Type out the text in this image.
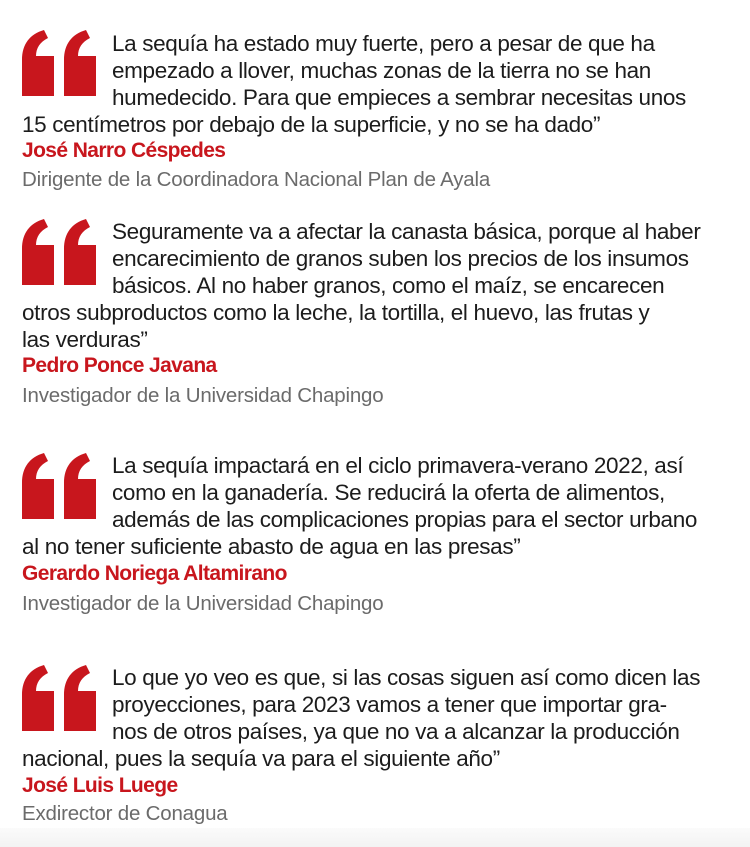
La sequía ha estado muy fuerte, pero a pesar de que ha
empezado a llover, muchas zonas de la tierra no se han
humedecido. Para que empieces a sembrar necesitas unos
15 centímetros por debajo de la superficie, y no se ha dado”
José Narro Céspedes
Dirigente de la Coordinadora Nacional Plan de Ayala
Seguramente va a afectar la canasta básica, porque al haber
encarecimiento de granos suben los precios de los insumos
básicos. Al no haber granos, como el maíz, se encarecen
otros subproductos como la leche, la tortilla, el huevo, las frutas y
las verduras”
Pedro Ponce Javana
Investigador de la Universidad Chapingo
La sequía impactará en el ciclo primavera-verano 2022, así
como en la ganadería. Se reducirá la oferta de alimentos,
además de las complicaciones propias para el sector urbano
al no tener suficiente abasto de agua en las presas”
Gerardo Noriega Altamirano
Investigador de la Universidad Chapingo
Lo que yo veo es que, si las cosas siguen así como dicen las
proyecciones, para 2023 vamos a tener que importar gra-
nos de otros países, ya que no va a alcanzar la producción
nacional, pues la sequía va para el siguiente año”
José Luis Luege
Exdirector de Conagua
